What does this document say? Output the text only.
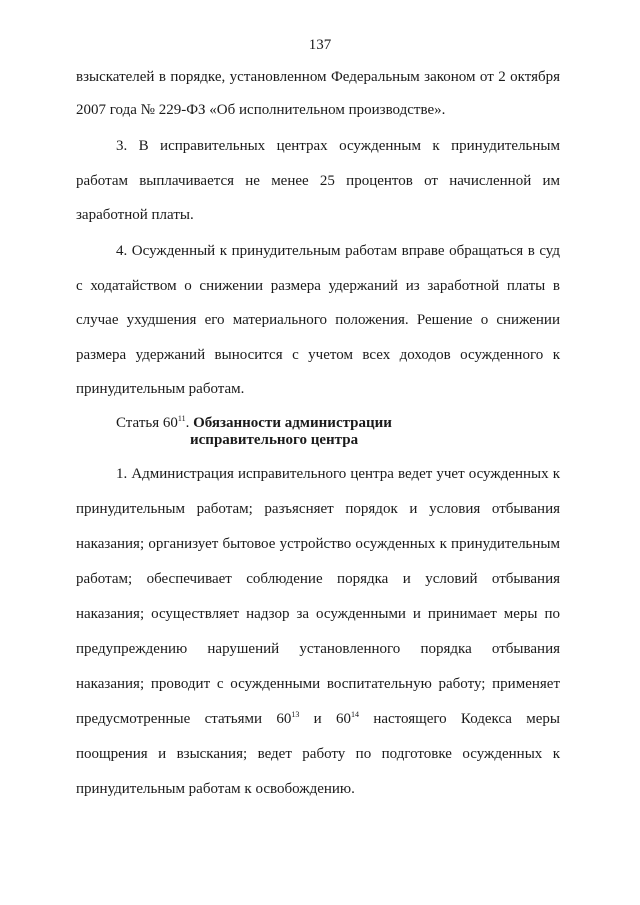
137
взыскателей в порядке, установленном Федеральным законом от 2 октября
2007 года № 229-ФЗ «Об исполнительном производстве».
3. В исправительных центрах осужденным к принудительным
работам выплачивается не менее 25 процентов от начисленной им
заработной платы.
4. Осужденный к принудительным работам вправе обращаться в суд
с ходатайством о снижении размера удержаний из заработной платы в
случае ухудшения его материального положения. Решение о снижении
размера удержаний выносится с учетом всех доходов осужденного к
принудительным работам.
Статья $60^{11}$. Обязанности администрации
исправительного центра
1. Администрация исправительного центра ведет учет осужденных к
принудительным работам; разъясняет порядок и условия отбывания
наказания; организует бытовое устройство осужденных к принудительным
работам; обеспечивает соблюдение порядка и условий отбывания
наказания; осуществляет надзор за осужденными и принимает меры по
предупреждению нарушений установленного порядка отбывания
наказания; проводит с осужденными воспитательную работу; применяет
предусмотренные статьями $60^{13}$ и $60^{14}$ настоящего Кодекса меры
поощрения и взыскания; ведет работу по подготовке осужденных к
принудительным работам к освобождению.
